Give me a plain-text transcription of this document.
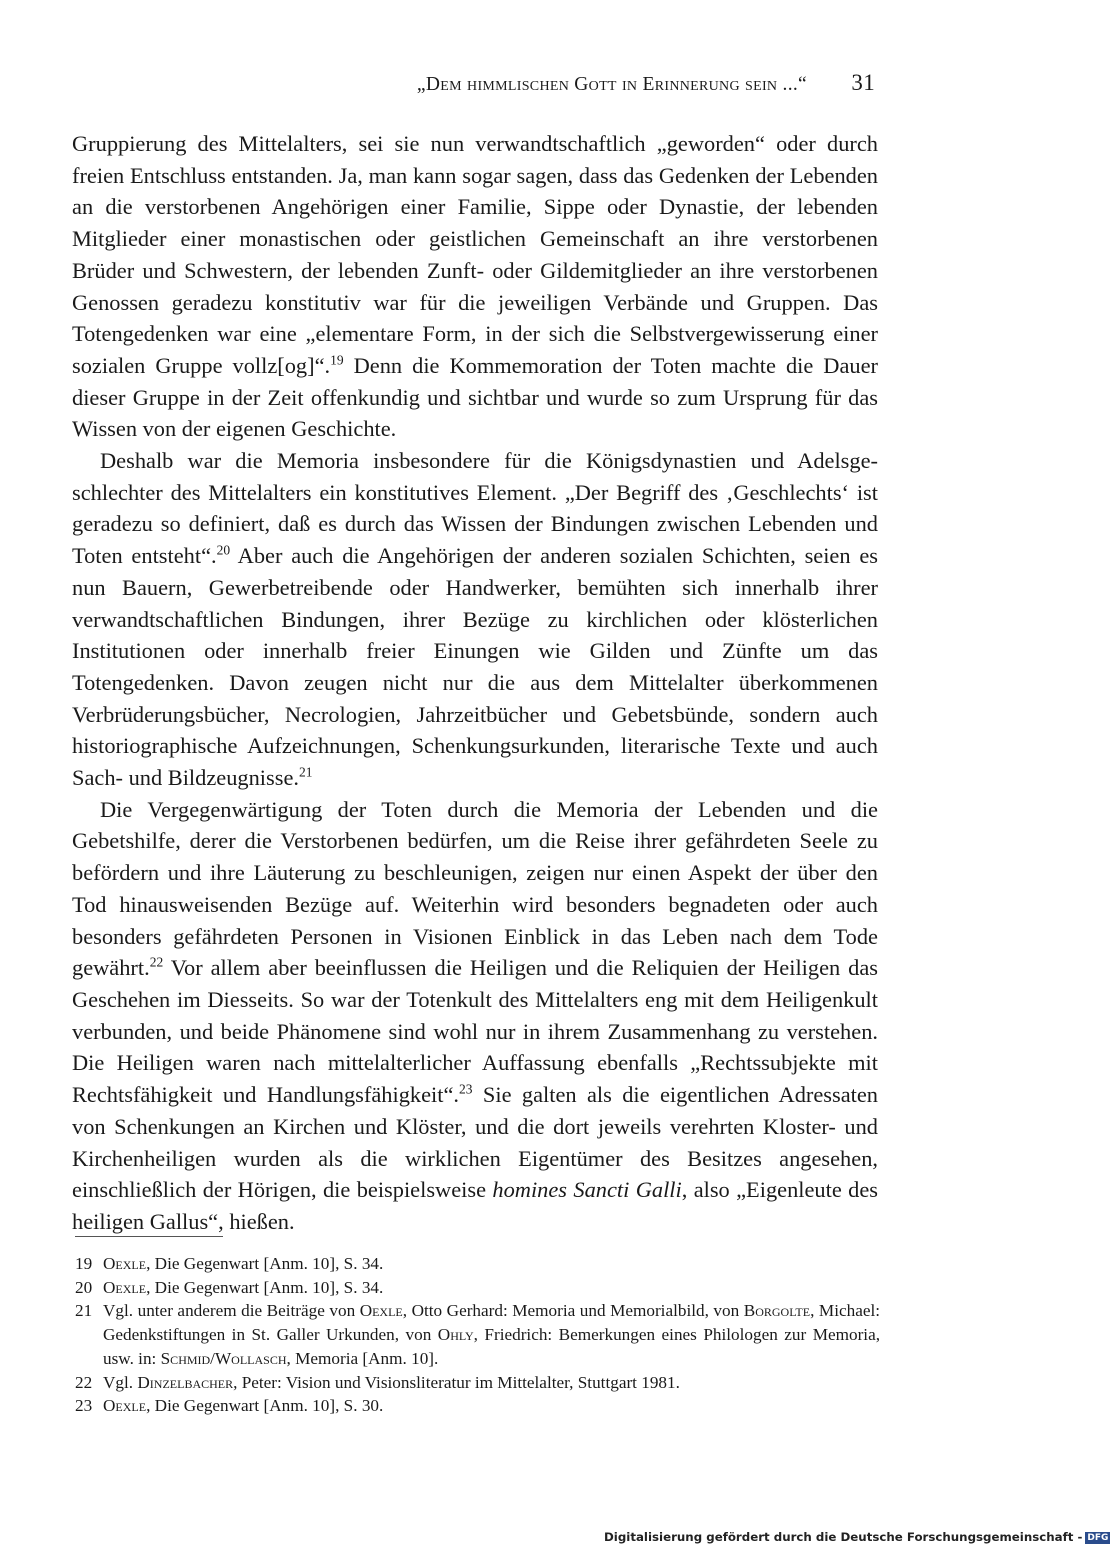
„Dem himmlischen Gott in Erinnerung sein ...“ 31

Gruppierung des Mittelalters, sei sie nun verwandtschaftlich „geworden“ oder durch freien Entschluss entstanden. Ja, man kann sogar sagen, dass das Gedenken der Lebenden an die verstorbenen Angehörigen einer Familie, Sippe oder Dynastie, der lebenden Mitglieder einer monastischen oder geistlichen Gemeinschaft an ihre verstorbenen Brüder und Schwestern, der lebenden Zunft- oder Gildemitglieder an ihre verstorbenen Genossen geradezu konstitutiv war für die jeweiligen Verbände und Gruppen. Das Totengedenken war eine „elementare Form, in der sich die Selbstvergewisserung einer sozialen Gruppe vollz[og]“.$^{19}$ Denn die Kommemoration der Toten machte die Dauer dieser Gruppe in der Zeit offenkundig und sichtbar und wurde so zum Ursprung für das Wissen von der eigenen Geschichte.

Deshalb war die Memoria insbesondere für die Königsdynastien und Adelsgeschlechter des Mittelalters ein konstitutives Element. „Der Begriff des ‚Geschlechts‘ ist geradezu so definiert, daß es durch das Wissen der Bindungen zwischen Lebenden und Toten entsteht“.$^{20}$ Aber auch die Angehörigen der anderen sozialen Schichten, seien es nun Bauern, Gewerbetreibende oder Handwerker, bemühten sich innerhalb ihrer verwandtschaftlichen Bindungen, ihrer Bezüge zu kirchlichen oder klösterlichen Institutionen oder innerhalb freier Einungen wie Gilden und Zünfte um das Totengedenken. Davon zeugen nicht nur die aus dem Mittelalter überkommenen Verbrüderungsbücher, Necrologien, Jahrzeitbücher und Gebetsbünde, sondern auch historiographische Aufzeichnungen, Schenkungsurkunden, literarische Texte und auch Sach- und Bildzeugnisse.$^{21}$

Die Vergegenwärtigung der Toten durch die Memoria der Lebenden und die Gebetshilfe, derer die Verstorbenen bedürfen, um die Reise ihrer gefährdeten Seele zu befördern und ihre Läuterung zu beschleunigen, zeigen nur einen Aspekt der über den Tod hinausweisenden Bezüge auf. Weiterhin wird besonders begnadeten oder auch besonders gefährdeten Personen in Visionen Einblick in das Leben nach dem Tode gewährt.$^{22}$ Vor allem aber beeinflussen die Heiligen und die Reliquien der Heiligen das Geschehen im Diesseits. So war der Totenkult des Mittelalters eng mit dem Heiligenkult verbunden, und beide Phänomene sind wohl nur in ihrem Zusammenhang zu verstehen. Die Heiligen waren nach mittelalterlicher Auffassung ebenfalls „Rechtssubjekte mit Rechtsfähigkeit und Handlungsfähigkeit“.$^{23}$ Sie galten als die eigentlichen Adressaten von Schenkungen an Kirchen und Klöster, und die dort jeweils verehrten Kloster- und Kirchenheiligen wurden als die wirklichen Eigentümer des Besitzes angesehen, einschließlich der Hörigen, die beispielsweise homines Sancti Galli, also „Eigenleute des heiligen Gallus“, hießen.

19 Oexle, Die Gegenwart [Anm. 10], S. 34.
20 Oexle, Die Gegenwart [Anm. 10], S. 34.
21 Vgl. unter anderem die Beiträge von Oexle, Otto Gerhard: Memoria und Memorialbild, von Borgolte, Michael: Gedenkstiftungen in St. Galler Urkunden, von Ohly, Friedrich: Bemerkungen eines Philologen zur Memoria, usw. in: Schmid/Wollasch, Memoria [Anm. 10].
22 Vgl. Dinzelbacher, Peter: Vision und Visionsliteratur im Mittelalter, Stuttgart 1981.
23 Oexle, Die Gegenwart [Anm. 10], S. 30.
Digitalisierung gefördert durch die Deutsche Forschungsgemeinschaft - DFG
